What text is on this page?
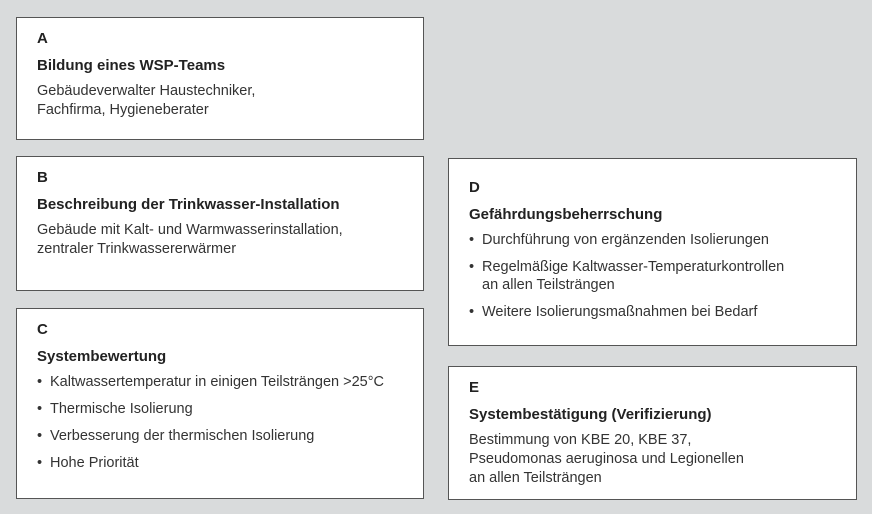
A
Bildung eines WSP-Teams
Gebäudeverwalter Haustechniker,
Fachfirma, Hygieneberater
B
Beschreibung der Trinkwasser-Installation
Gebäude mit Kalt- und Warmwasserinstallation,
zentraler Trinkwassererwärmer
C
Systembewertung
• Kaltwassertemperatur in einigen Teilsträngen >25°C
• Thermische Isolierung
• Verbesserung der thermischen Isolierung
• Hohe Priorität
D
Gefährdungsbeherrschung
• Durchführung von ergänzenden Isolierungen
• Regelmäßige Kaltwasser-Temperaturkontrollen
an allen Teilsträngen
• Weitere Isolierungsmaßnahmen bei Bedarf
E
Systembestätigung (Verifizierung)
Bestimmung von KBE 20, KBE 37,
Pseudomonas aeruginosa und Legionellen
an allen Teilsträngen
